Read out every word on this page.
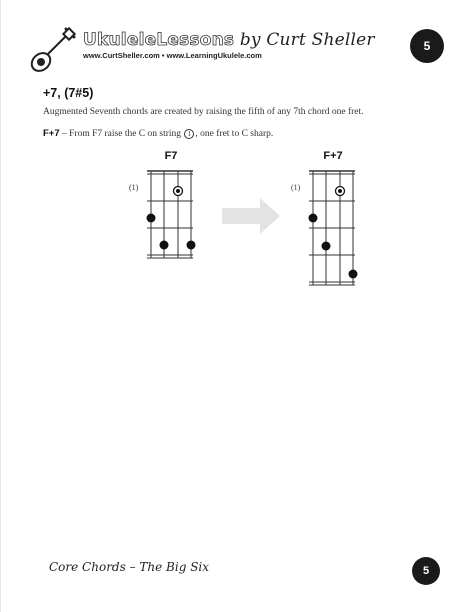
UkuleleLessons by Curt Sheller
www.CurtSheller.com • www.LearningUkulele.com
5
+7, (7#5)
Augmented Seventh chords are created by raising the fifth of any 7th chord one fret.
F+7 – From F7 raise the C on string 1 , one fret to C sharp.
F7
(1)
F+7
(1)
Core Chords – The Big Six	5
